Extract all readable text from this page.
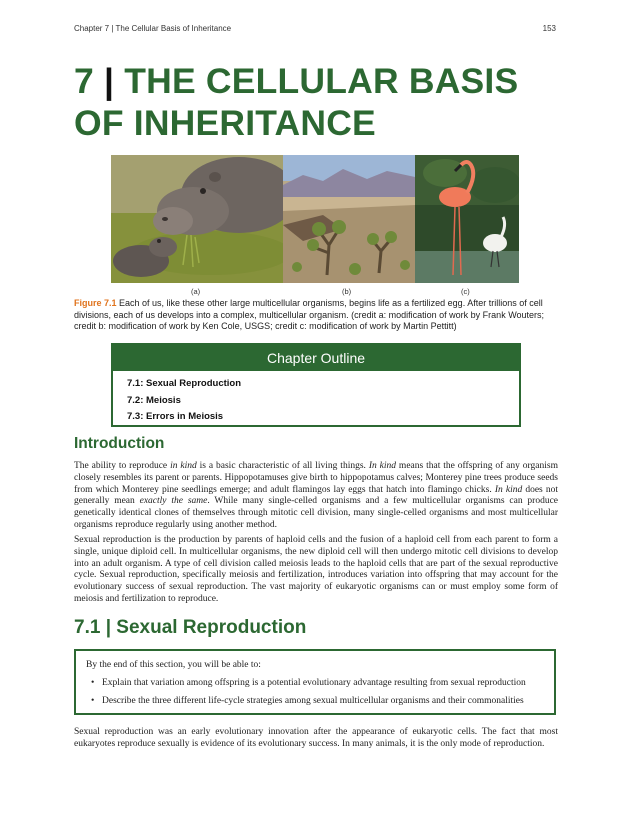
Chapter 7 | The Cellular Basis of Inheritance	153
7 | THE CELLULAR BASIS
OF INHERITANCE
(a)	(b)	(c)

Figure 7.1 Each of us, like these other large multicellular organisms, begins life as a fertilized egg. After trillions of cell divisions, each of us develops into a complex, multicellular organism. (credit a: modification of work by Frank Wouters; credit b: modification of work by Ken Cole, USGS; credit c: modification of work by Martin Pettitt)

Chapter Outline
7.1: Sexual Reproduction
7.2: Meiosis
7.3: Errors in Meiosis
Introduction

The ability to reproduce in kind is a basic characteristic of all living things. In kind means that the offspring of any organism closely resembles its parent or parents. Hippopotamuses give birth to hippopotamus calves; Monterey pine trees produce seeds from which Monterey pine seedlings emerge; and adult flamingos lay eggs that hatch into flamingo chicks. In kind does not generally mean exactly the same. While many single-celled organisms and a few multicellular organisms can produce genetically identical clones of themselves through mitotic cell division, many single-celled organisms and most multicellular organisms reproduce regularly using another method.

Sexual reproduction is the production by parents of haploid cells and the fusion of a haploid cell from each parent to form a single, unique diploid cell. In multicellular organisms, the new diploid cell will then undergo mitotic cell divisions to develop into an adult organism. A type of cell division called meiosis leads to the haploid cells that are part of the sexual reproductive cycle. Sexual reproduction, specifically meiosis and fertilization, introduces variation into offspring that may account for the evolutionary success of sexual reproduction. The vast majority of eukaryotic organisms can or must employ some form of meiosis and fertilization to reproduce.

7.1 | Sexual Reproduction

By the end of this section, you will be able to:

• Explain that variation among offspring is a potential evolutionary advantage resulting from sexual reproduction
• Describe the three different life-cycle strategies among sexual multicellular organisms and their commonalities

Sexual reproduction was an early evolutionary innovation after the appearance of eukaryotic cells. The fact that most eukaryotes reproduce sexually is evidence of its evolutionary success. In many animals, it is the only mode of reproduction.
